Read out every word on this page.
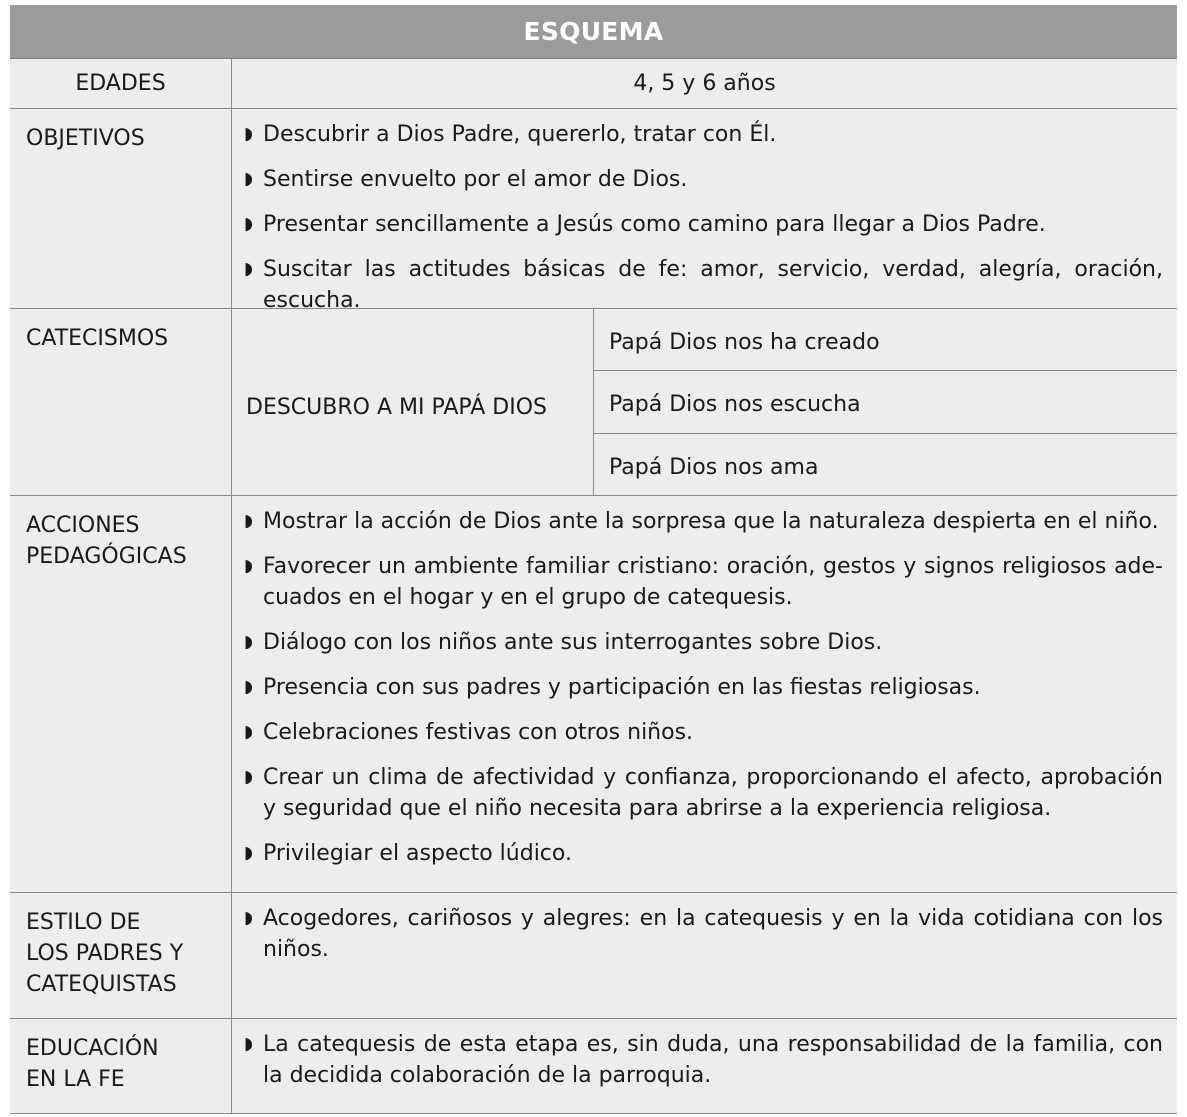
ESQUEMA
EDADES	4, 5 y 6 años
OBJETIVOS	◗ Descubrir a Dios Padre, quererlo, tratar con Él.
◗ Sentirse envuelto por el amor de Dios.
◗ Presentar sencillamente a Jesús como camino para llegar a Dios Padre.
◗ Suscitar las actitudes básicas de fe: amor, servicio, verdad, alegría, oración, escucha.
CATECISMOS
DESCUBRO A MI PAPÁ DIOS
Papá Dios nos ha creado
Papá Dios nos escucha
Papá Dios nos ama
ACCIONES
PEDAGÓGICAS
◗ Mostrar la acción de Dios ante la sorpresa que la naturaleza despierta en el niño.
◗ Favorecer un ambiente familiar cristiano: oración, gestos y signos religiosos ade-cuados en el hogar y en el grupo de catequesis.
◗ Diálogo con los niños ante sus interrogantes sobre Dios.
◗ Presencia con sus padres y participación en las fiestas religiosas.
◗ Celebraciones festivas con otros niños.
◗ Crear un clima de afectividad y confianza, proporcionando el afecto, aprobación y seguridad que el niño necesita para abrirse a la experiencia religiosa.
◗ Privilegiar el aspecto lúdico.
ESTILO DE
LOS PADRES Y
CATEQUISTAS
◗ Acogedores, cariñosos y alegres: en la catequesis y en la vida cotidiana con los niños.
EDUCACIÓN
EN LA FE
◗ La catequesis de esta etapa es, sin duda, una responsabilidad de la familia, con la decidida colaboración de la parroquia.
